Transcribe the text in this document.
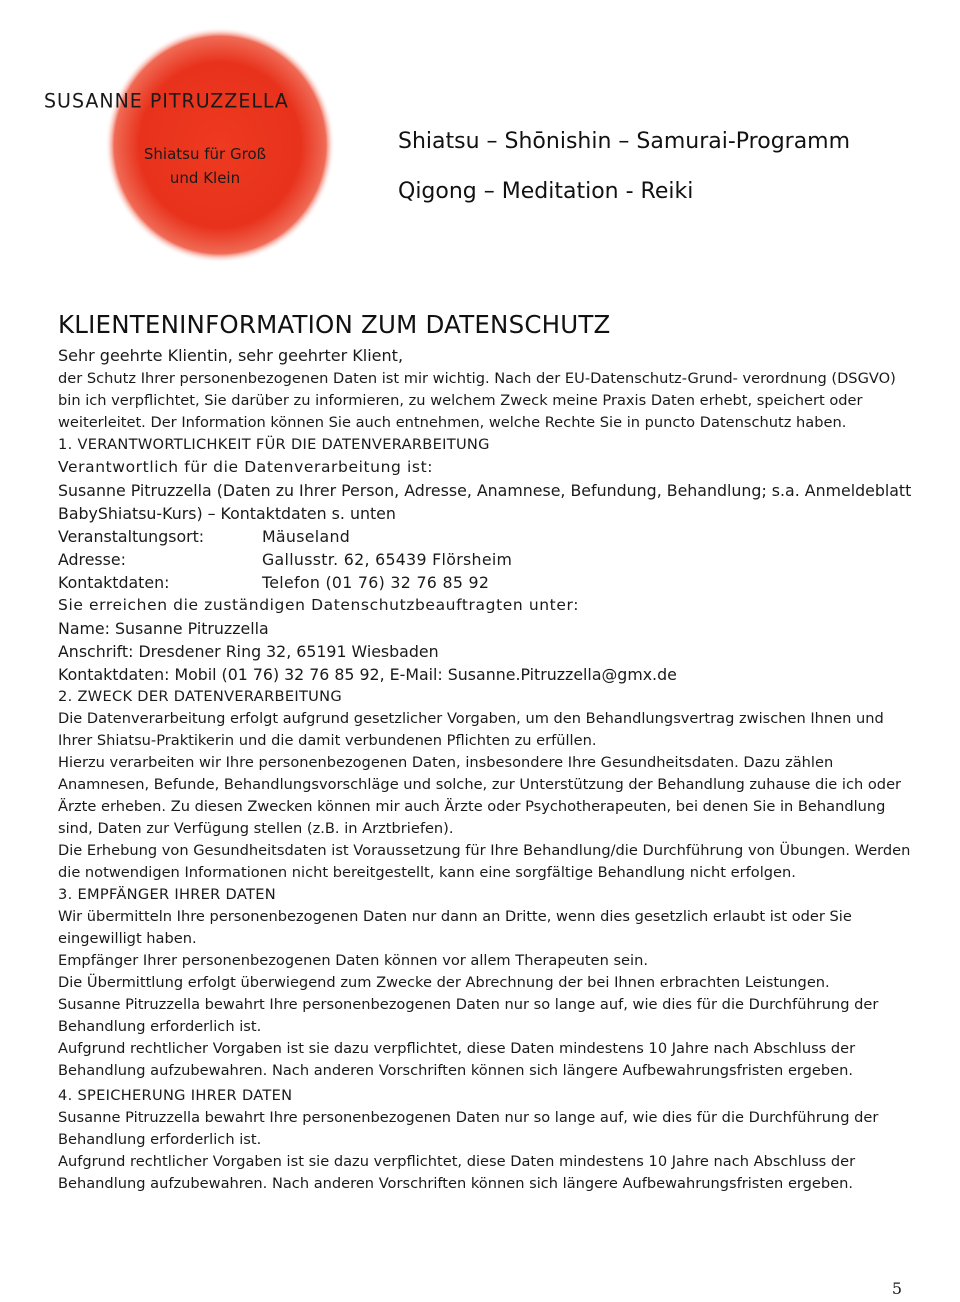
SUSANNE PITRUZZELLA
Shiatsu für Groß
und Klein
Shiatsu – Shōnishin – Samurai-Programm
Qigong – Meditation - Reiki
KLIENTENINFORMATION ZUM DATENSCHUTZ

Sehr geehrte Klientin, sehr geehrter Klient,

der Schutz Ihrer personenbezogenen Daten ist mir wichtig. Nach der EU-Datenschutz-Grund- verordnung (DSGVO) bin ich verpflichtet, Sie darüber zu informieren, zu welchem Zweck meine Praxis Daten erhebt, speichert oder weiterleitet. Der Information können Sie auch entnehmen, welche Rechte Sie in puncto Datenschutz haben.

1. VERANTWORTLICHKEIT FÜR DIE DATENVERARBEITUNG

Verantwortlich für die Datenverarbeitung ist:

Susanne Pitruzzella (Daten zu Ihrer Person, Adresse, Anamnese, Befundung, Behandlung; s.a. Anmeldeblatt BabyShiatsu-Kurs) – Kontaktdaten s. unten

Veranstaltungsort:	Mäuseland
Adresse:	Gallusstr. 62, 65439 Flörsheim
Kontaktdaten:	Telefon (01 76) 32 76 85 92

Sie erreichen die zuständigen Datenschutzbeauftragten unter:

Name: Susanne Pitruzzella

Anschrift: Dresdener Ring 32, 65191 Wiesbaden

Kontaktdaten: Mobil (01 76) 32 76 85 92, E-Mail: Susanne.Pitruzzella@gmx.de

2. ZWECK DER DATENVERARBEITUNG

Die Datenverarbeitung erfolgt aufgrund gesetzlicher Vorgaben, um den Behandlungsvertrag zwischen Ihnen und Ihrer Shiatsu-Praktikerin und die damit verbundenen Pflichten zu erfüllen.

Hierzu verarbeiten wir Ihre personenbezogenen Daten, insbesondere Ihre Gesundheitsdaten. Dazu zählen Anamnesen, Befunde, Behandlungsvorschläge und solche, zur Unterstützung der Behandlung zuhause die ich oder Ärzte erheben. Zu diesen Zwecken können mir auch Ärzte oder Psychotherapeuten, bei denen Sie in Behandlung sind, Daten zur Verfügung stellen (z.B. in Arztbriefen).

Die Erhebung von Gesundheitsdaten ist Voraussetzung für Ihre Behandlung/die Durchführung von Übungen. Werden die notwendigen Informationen nicht bereitgestellt, kann eine sorgfältige Behandlung nicht erfolgen.

3. EMPFÄNGER IHRER DATEN

Wir übermitteln Ihre personenbezogenen Daten nur dann an Dritte, wenn dies gesetzlich erlaubt ist oder Sie eingewilligt haben.

Empfänger Ihrer personenbezogenen Daten können vor allem Therapeuten sein.

Die Übermittlung erfolgt überwiegend zum Zwecke der Abrechnung der bei Ihnen erbrachten Leistungen.

Susanne Pitruzzella bewahrt Ihre personenbezogenen Daten nur so lange auf, wie dies für die Durchführung der Behandlung erforderlich ist.

Aufgrund rechtlicher Vorgaben ist sie dazu verpflichtet, diese Daten mindestens 10 Jahre nach Abschluss der Behandlung aufzubewahren. Nach anderen Vorschriften können sich längere Aufbewahrungsfristen ergeben.

4. SPEICHERUNG IHRER DATEN

Susanne Pitruzzella bewahrt Ihre personenbezogenen Daten nur so lange auf, wie dies für die Durchführung der Behandlung erforderlich ist.

Aufgrund rechtlicher Vorgaben ist sie dazu verpflichtet, diese Daten mindestens 10 Jahre nach Abschluss der Behandlung aufzubewahren. Nach anderen Vorschriften können sich längere Aufbewahrungsfristen ergeben.

5
